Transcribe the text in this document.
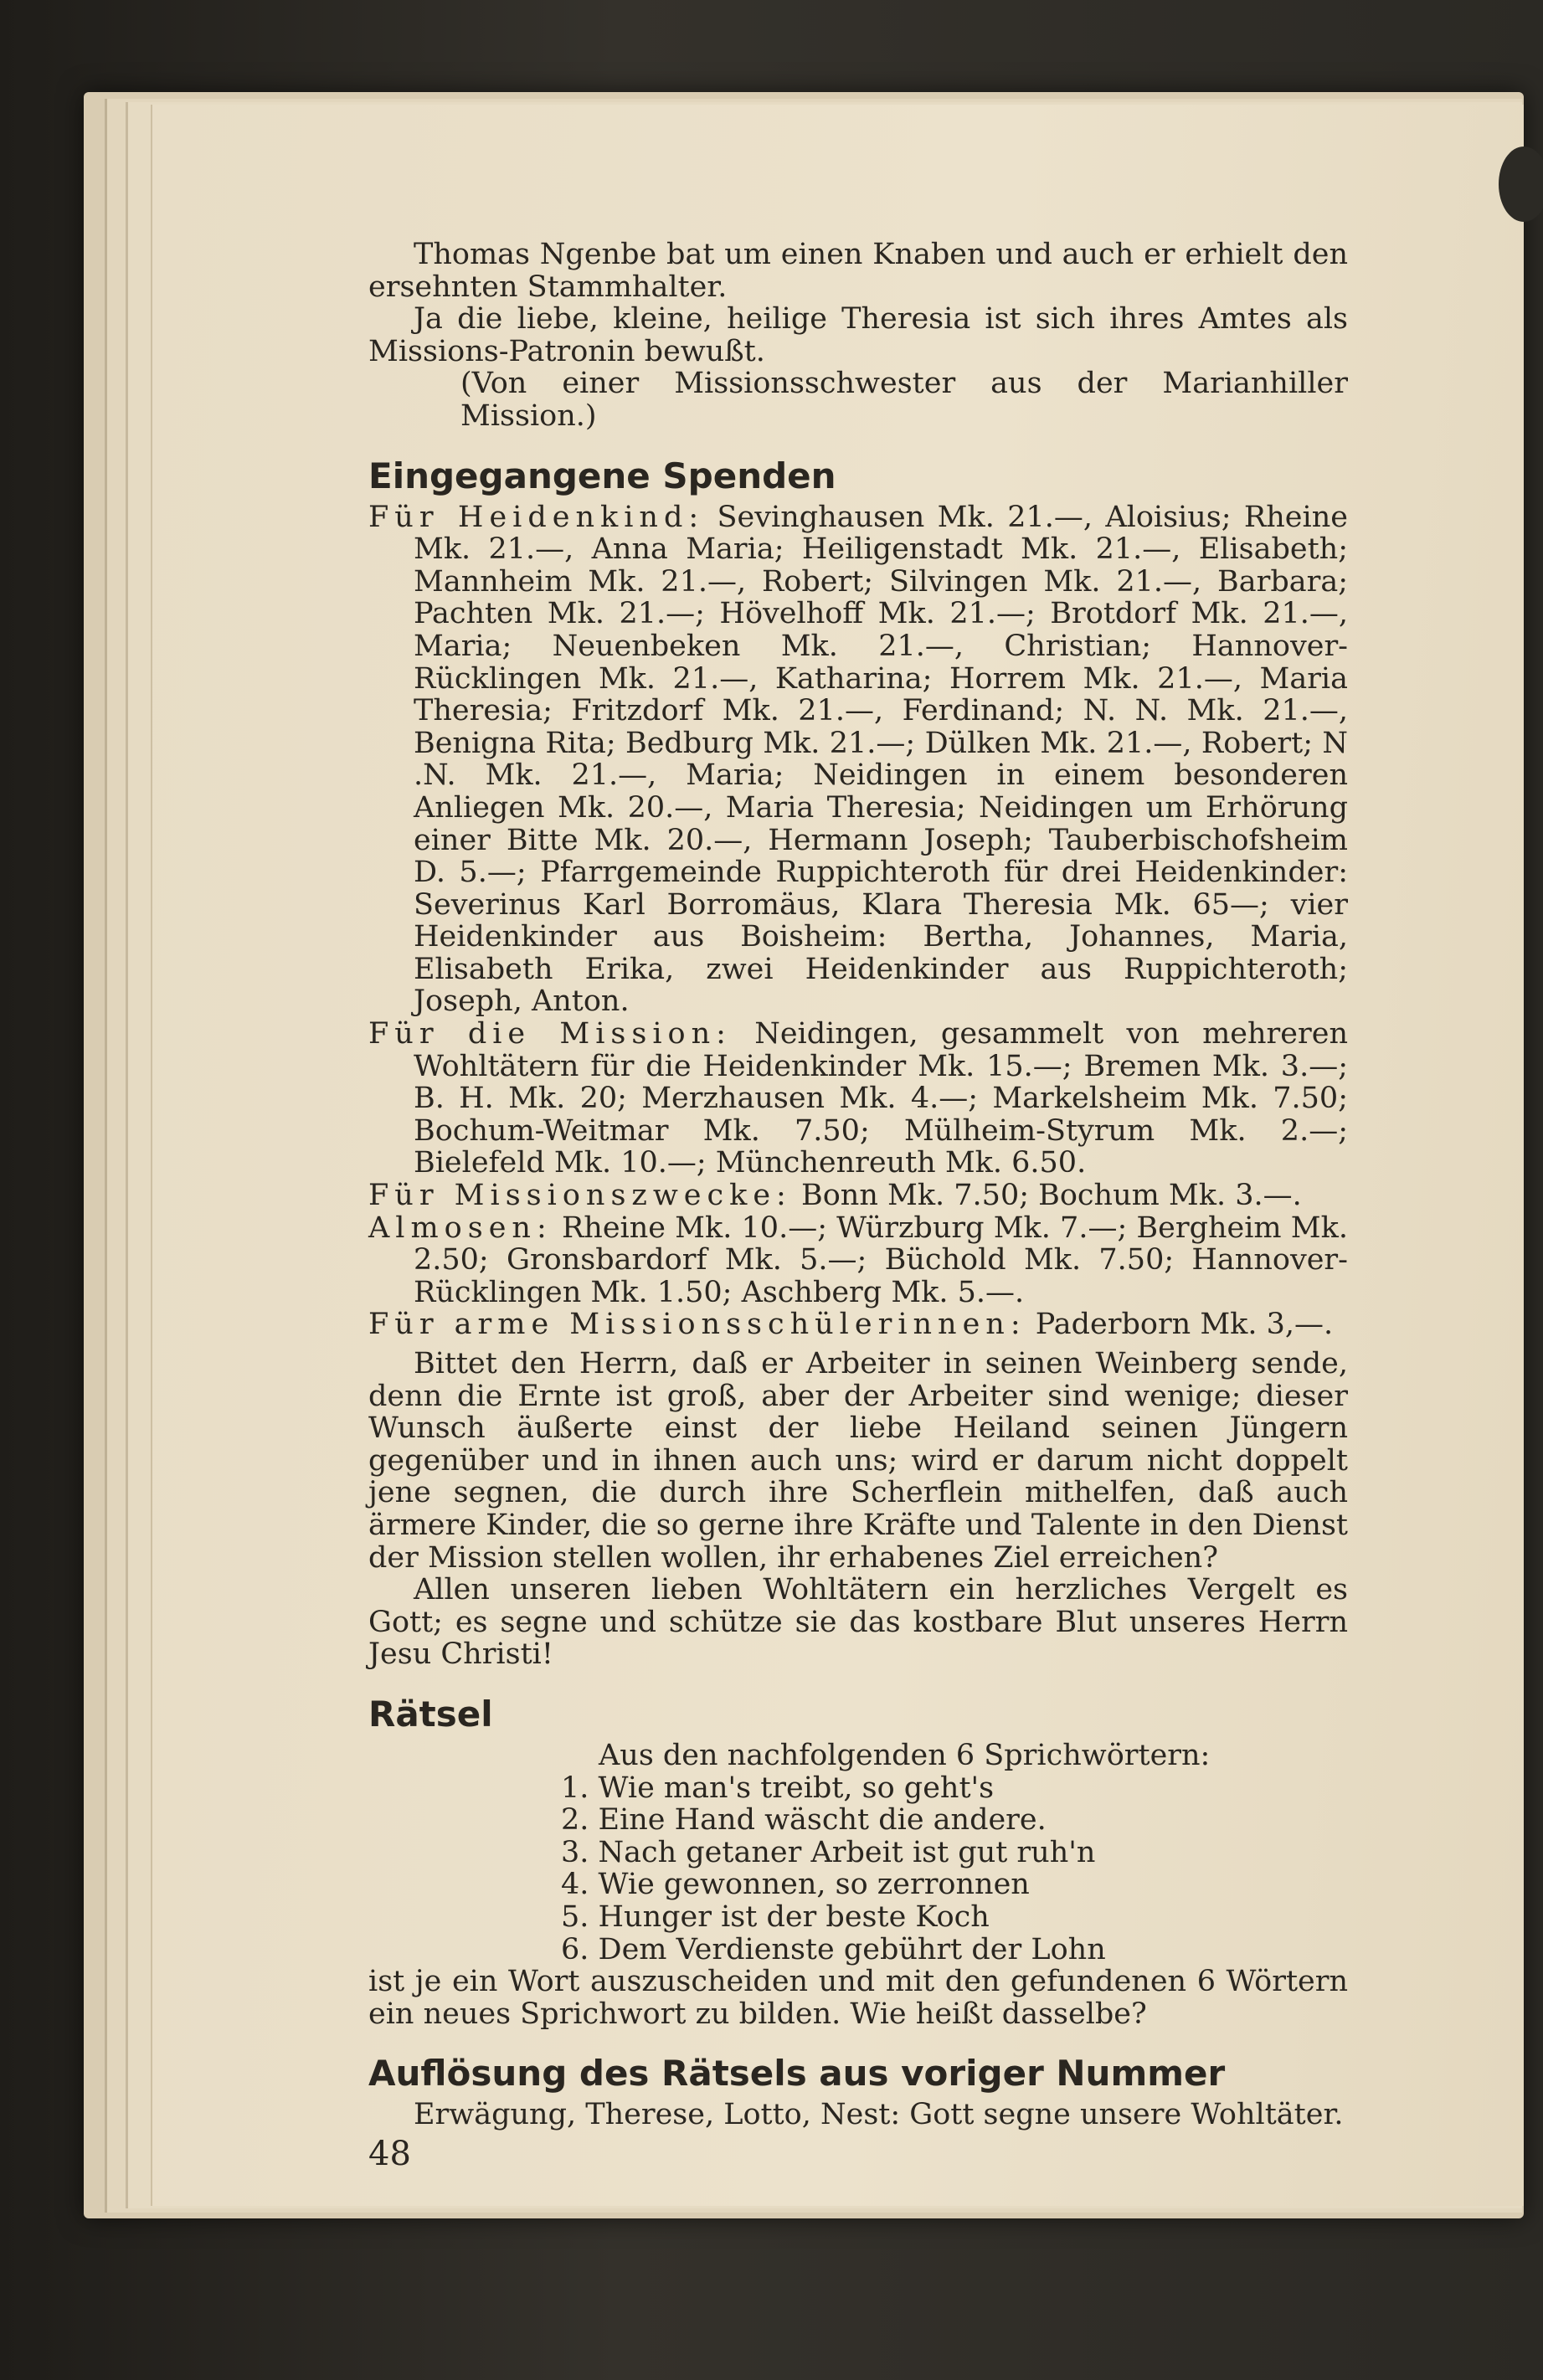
Thomas Ngenbe bat um einen Knaben und auch er erhielt den ersehnten Stammhalter.

Ja die liebe, kleine, heilige Theresia ist sich ihres Amtes als Missions-Patronin bewußt.

(Von einer Missionsschwester aus der Marianhiller Mission.)

Eingegangene Spenden

Für Heidenkind: Sevinghausen Mk. 21.—, Aloisius; Rheine Mk. 21.—, Anna Maria; Heiligenstadt Mk. 21.—, Elisabeth; Mannheim Mk. 21.—, Robert; Silvingen Mk. 21.—, Barbara; Pachten Mk. 21.—; Hövelhoff Mk. 21.—; Brotdorf Mk. 21.—, Maria; Neuenbeken Mk. 21.—, Christian; Hannover-Rücklingen Mk. 21.—, Katharina; Horrem Mk. 21.—, Maria Theresia; Fritzdorf Mk. 21.—, Ferdinand; N. N. Mk. 21.—, Benigna Rita; Bedburg Mk. 21.—; Dülken Mk. 21.—, Robert; N .N. Mk. 21.—, Maria; Neidingen in einem besonderen Anliegen Mk. 20.—, Maria Theresia; Neidingen um Erhörung einer Bitte Mk. 20.—, Hermann Joseph; Tauberbischofsheim D. 5.—; Pfarrgemeinde Ruppichteroth für drei Heidenkinder: Severinus Karl Borromäus, Klara Theresia Mk. 65—; vier Heidenkinder aus Boisheim: Bertha, Johannes, Maria, Elisabeth Erika, zwei Heidenkinder aus Ruppichteroth; Joseph, Anton.

Für die Mission: Neidingen, gesammelt von mehreren Wohltätern für die Heidenkinder Mk. 15.—; Bremen Mk. 3.—; B. H. Mk. 20; Merzhausen Mk. 4.—; Markelsheim Mk. 7.50; Bochum-Weitmar Mk. 7.50; Mülheim-Styrum Mk. 2.—; Bielefeld Mk. 10.—; Münchenreuth Mk. 6.50.

Für Missionszwecke: Bonn Mk. 7.50; Bochum Mk. 3.—.

Almosen: Rheine Mk. 10.—; Würzburg Mk. 7.—; Bergheim Mk. 2.50; Gronsbardorf Mk. 5.—; Büchold Mk. 7.50; Hannover-Rücklingen Mk. 1.50; Aschberg Mk. 5.—.

Für arme Missionsschülerinnen: Paderborn Mk. 3,—.

Bittet den Herrn, daß er Arbeiter in seinen Weinberg sende, denn die Ernte ist groß, aber der Arbeiter sind wenige; dieser Wunsch äußerte einst der liebe Heiland seinen Jüngern gegenüber und in ihnen auch uns; wird er darum nicht doppelt jene segnen, die durch ihre Scherflein mithelfen, daß auch ärmere Kinder, die so gerne ihre Kräfte und Talente in den Dienst der Mission stellen wollen, ihr erhabenes Ziel erreichen?

Allen unseren lieben Wohltätern ein herzliches Vergelt es Gott; es segne und schütze sie das kostbare Blut unseres Herrn Jesu Christi!

Rätsel

Aus den nachfolgenden 6 Sprichwörtern:

1. Wie man's treibt, so geht's
2. Eine Hand wäscht die andere.
3. Nach getaner Arbeit ist gut ruh'n
4. Wie gewonnen, so zerronnen
5. Hunger ist der beste Koch
6. Dem Verdienste gebührt der Lohn

ist je ein Wort auszuscheiden und mit den gefundenen 6 Wörtern ein neues Sprichwort zu bilden. Wie heißt dasselbe?

Auflösung des Rätsels aus voriger Nummer

Erwägung, Therese, Lotto, Nest: Gott segne unsere Wohltäter.

48
